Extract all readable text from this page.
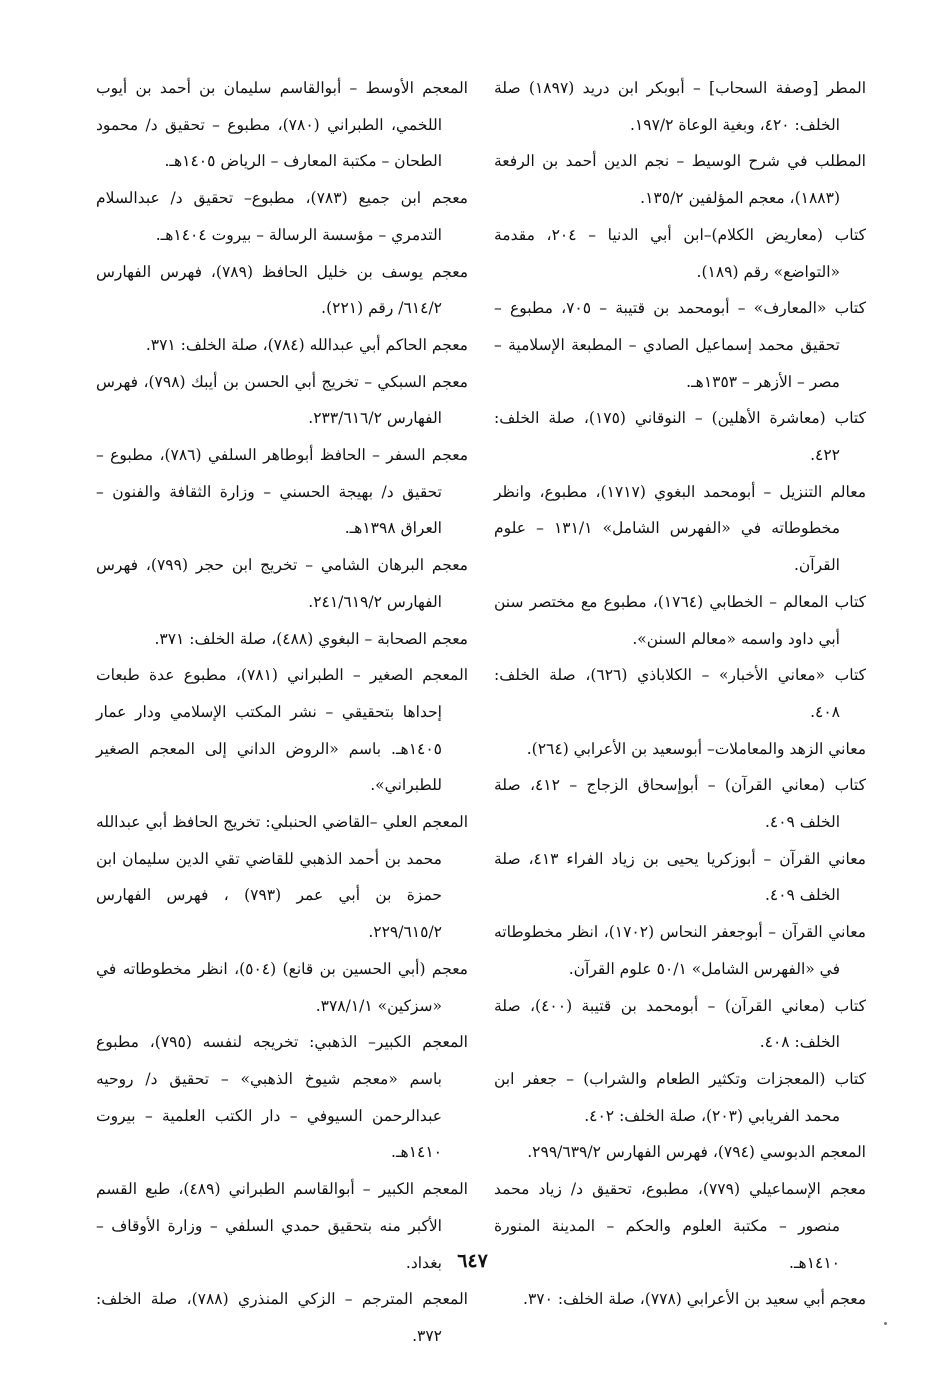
المطر [وصفة السحاب] – أبوبكر ابن دريد (١٨٩٧) صلة الخلف: ٤٢٠، وبغية الوعاة ١٩٧/٢.

المطلب في شرح الوسيط – نجم الدين أحمد بن الرفعة (١٨٨٣)، معجم المؤلفين ١٣٥/٢.

كتاب (معاريض الكلام)–ابن أبي الدنيا – ٢٠٤، مقدمة «التواضع» رقم (١٨٩).

كتاب «المعارف» – أبومحمد بن قتيبة – ٧٠٥، مطبوع – تحقيق محمد إسماعيل الصادي – المطبعة الإسلامية – مصر – الأزهر – ١٣٥٣هـ.

كتاب (معاشرة الأهلين) – النوقاني (١٧٥)، صلة الخلف: ٤٢٢.

معالم التنزيل – أبومحمد البغوي (١٧١٧)، مطبوع، وانظر مخطوطاته في «الفهرس الشامل» ١٣١/١ – علوم القرآن.

كتاب المعالم – الخطابي (١٧٦٤)، مطبوع مع مختصر سنن أبي داود واسمه «معالم السنن».

كتاب «معاني الأخبار» – الكلاباذي (٦٢٦)، صلة الخلف: ٤٠٨.

معاني الزهد والمعاملات– أبوسعيد بن الأعرابي (٢٦٤).

كتاب (معاني القرآن) – أبوإسحاق الزجاج – ٤١٢، صلة الخلف ٤٠٩.

معاني القرآن – أبوزكريا يحيى بن زياد الفراء ٤١٣، صلة الخلف ٤٠٩.

معاني القرآن – أبوجعفر النحاس (١٧٠٢)، انظر مخطوطاته في «الفهرس الشامل» ٥٠/١ علوم القرآن.

كتاب (معاني القرآن) – أبومحمد بن قتيبة (٤٠٠)، صلة الخلف: ٤٠٨.

كتاب (المعجزات وتكثير الطعام والشراب) – جعفر ابن محمد الفريابي (٢٠٣)، صلة الخلف: ٤٠٢.

المعجم الدبوسي (٧٩٤)، فهرس الفهارس ٢٩٩/٦٣٩/٢.

معجم الإسماعيلي (٧٧٩)، مطبوع، تحقيق د/ زياد محمد منصور – مكتبة العلوم والحكم – المدينة المنورة ١٤١٠هـ.

معجم أبي سعيد بن الأعرابي (٧٧٨)، صلة الخلف: ٣٧٠.

المعجم الأوسط – أبوالقاسم سليمان بن أحمد بن أيوب اللخمي، الطبراني (٧٨٠)، مطبوع – تحقيق د/ محمود الطحان – مكتبة المعارف – الرياض ١٤٠٥هـ.

معجم ابن جميع (٧٨٣)، مطبوع– تحقيق د/ عبدالسلام التدمري – مؤسسة الرسالة – بيروت ١٤٠٤هـ.

معجم يوسف بن خليل الحافظ (٧٨٩)، فهرس الفهارس ٦١٤/٢/ رقم (٢٢١).

معجم الحاكم أبي عبدالله (٧٨٤)، صلة الخلف: ٣٧١.

معجم السبكي – تخريج أبي الحسن بن أيبك (٧٩٨)، فهرس الفهارس ٢٣٣/٦١٦/٢.

معجم السفر – الحافظ أبوطاهر السلفي (٧٨٦)، مطبوع – تحقيق د/ بهيجة الحسني – وزارة الثقافة والفنون – العراق ١٣٩٨هـ.

معجم البرهان الشامي – تخريج ابن حجر (٧٩٩)، فهرس الفهارس ٢٤١/٦١٩/٢.

معجم الصحابة – البغوي (٤٨٨)، صلة الخلف: ٣٧١.

المعجم الصغير – الطبراني (٧٨١)، مطبوع عدة طبعات إحداها بتحقيقي – نشر المكتب الإسلامي ودار عمار ١٤٠٥هـ. باسم «الروض الداني إلى المعجم الصغير للطبراني».

المعجم العلي –القاضي الحنبلي: تخريج الحافظ أبي عبدالله محمد بن أحمد الذهبي للقاضي تقي الدين سليمان ابن حمزة بن أبي عمر (٧٩٣) ، فهرس الفهارس ٢٢٩/٦١٥/٢.

معجم (أبي الحسين بن قانع) (٥٠٤)، انظر مخطوطاته في «سزكين» ٣٧٨/١/١.

المعجم الكبير– الذهبي: تخريجه لنفسه (٧٩٥)، مطبوع باسم «معجم شيوخ الذهبي» – تحقيق د/ روحيه عبدالرحمن السيوفي – دار الكتب العلمية – بيروت ١٤١٠هـ.

المعجم الكبير – أبوالقاسم الطبراني (٤٨٩)، طبع القسم الأكبر منه بتحقيق حمدي السلفي – وزارة الأوقاف – بغداد.

المعجم المترجم – الزكي المنذري (٧٨٨)، صلة الخلف: ٣٧٢.

٦٤٧
